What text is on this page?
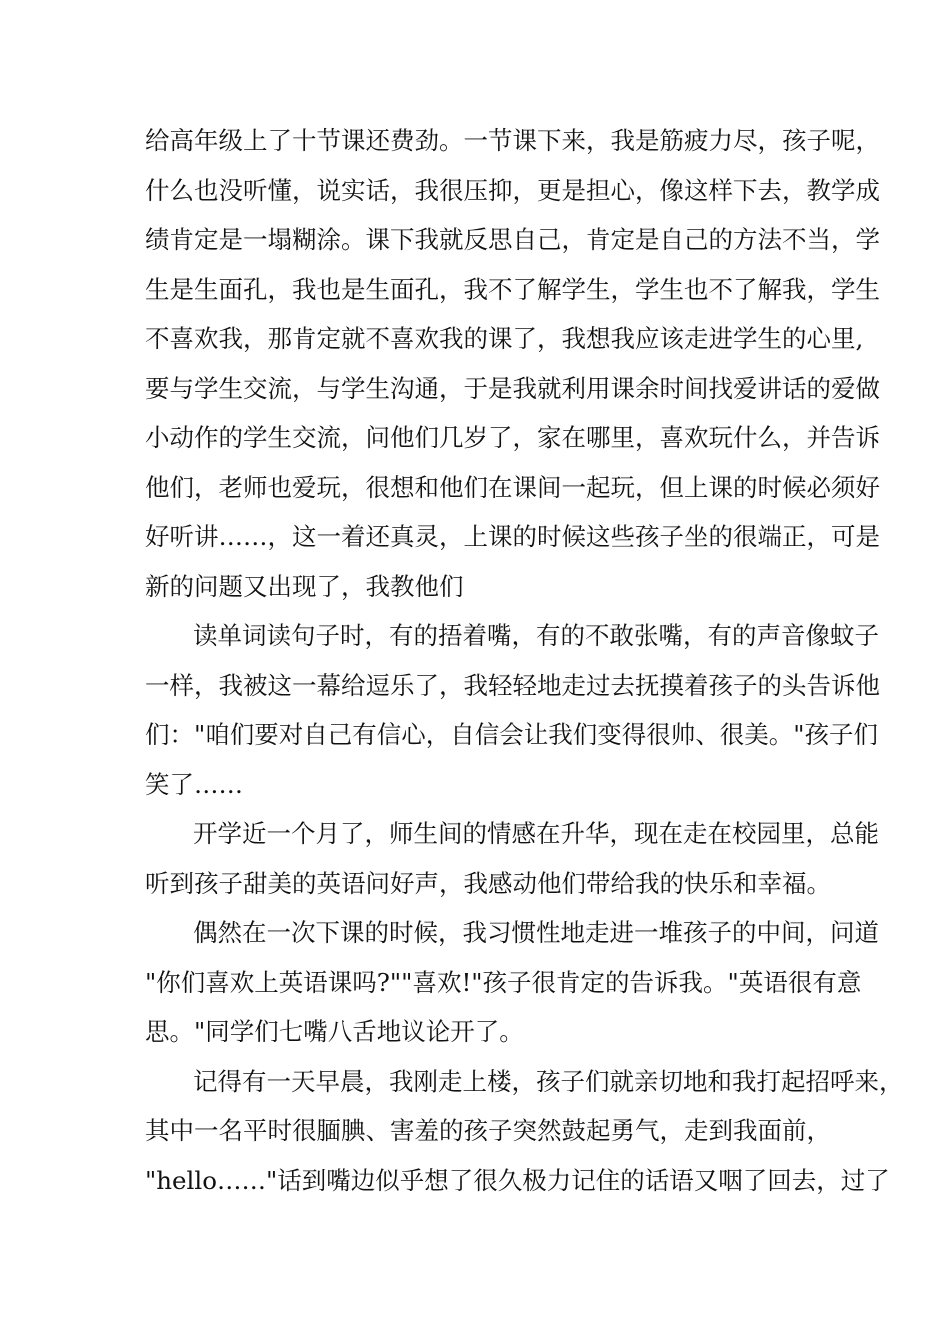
给高年级上了十节课还费劲。一节课下来，我是筋疲力尽，孩子呢，
什么也没听懂，说实话，我很压抑，更是担心，像这样下去，教学成
绩肯定是一塌糊涂。课下我就反思自己，肯定是自己的方法不当，学
生是生面孔，我也是生面孔，我不了解学生，学生也不了解我，学生
不喜欢我，那肯定就不喜欢我的课了，我想我应该走进学生的心里,
要与学生交流，与学生沟通，于是我就利用课余时间找爱讲话的爱做
小动作的学生交流，问他们几岁了，家在哪里，喜欢玩什么，并告诉
他们，老师也爱玩，很想和他们在课间一起玩，但上课的时候必须好
好听讲……，这一着还真灵，上课的时候这些孩子坐的很端正，可是
新的问题又出现了，我教他们
读单词读句子时，有的捂着嘴，有的不敢张嘴，有的声音像蚊子
一样，我被这一幕给逗乐了，我轻轻地走过去抚摸着孩子的头告诉他
们："咱们要对自己有信心，自信会让我们变得很帅、很美。"孩子们
笑了……
开学近一个月了，师生间的情感在升华，现在走在校园里，总能
听到孩子甜美的英语问好声，我感动他们带给我的快乐和幸福。
偶然在一次下课的时候，我习惯性地走进一堆孩子的中间，问道
"你们喜欢上英语课吗?""喜欢!"孩子很肯定的告诉我。"英语很有意
思。"同学们七嘴八舌地议论开了。
记得有一天早晨，我刚走上楼，孩子们就亲切地和我打起招呼来，
其中一名平时很腼腆、害羞的孩子突然鼓起勇气，走到我面前，
"hello……"话到嘴边似乎想了很久极力记住的话语又咽了回去，过了
